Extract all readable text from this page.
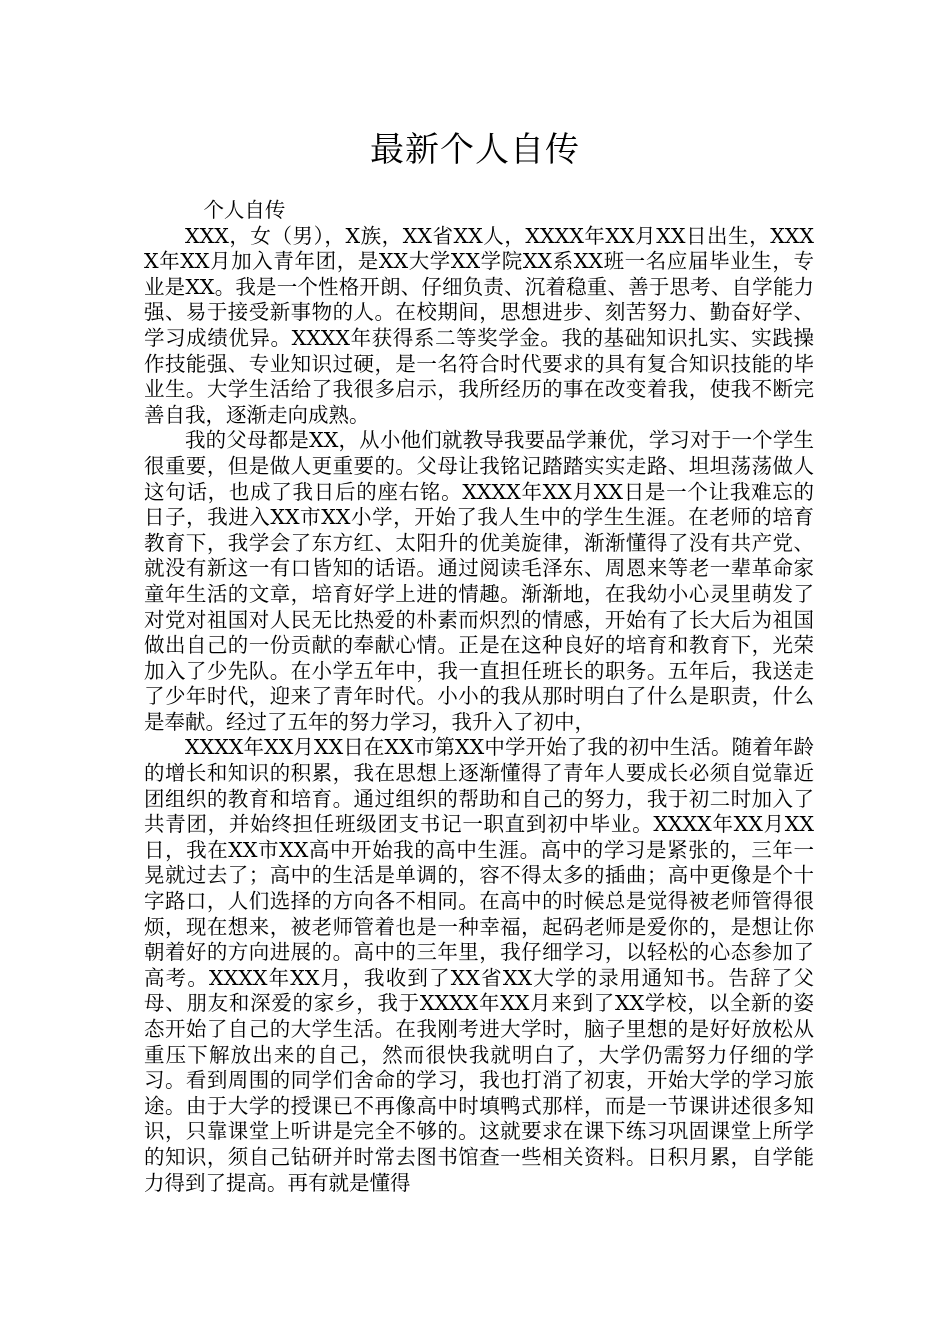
最新个人自传

个人自传

XXX，女（男），X族，XX省XX人，XXXX年XX月XX日出生，XXXX年XX月加入青年团，是XX大学XX学院XX系XX班一名应届毕业生，专业是XX。我是一个性格开朗、仔细负责、沉着稳重、善于思考、自学能力强、易于接受新事物的人。在校期间，思想进步、刻苦努力、勤奋好学、学习成绩优异。XXXX年获得系二等奖学金。我的基础知识扎实、实践操作技能强、专业知识过硬，是一名符合时代要求的具有复合知识技能的毕业生。大学生活给了我很多启示，我所经历的事在改变着我，使我不断完善自我，逐渐走向成熟。

我的父母都是XX，从小他们就教导我要品学兼优，学习对于一个学生很重要，但是做人更重要的。父母让我铭记踏踏实实走路、坦坦荡荡做人这句话，也成了我日后的座右铭。XXXX年XX月XX日是一个让我难忘的日子，我进入XX市XX小学，开始了我人生中的学生生涯。在老师的培育教育下，我学会了东方红、太阳升的优美旋律，渐渐懂得了没有共产党、就没有新这一有口皆知的话语。通过阅读毛泽东、周恩来等老一辈革命家童年生活的文章，培育好学上进的情趣。渐渐地，在我幼小心灵里萌发了对党对祖国对人民无比热爱的朴素而炽烈的情感，开始有了长大后为祖国做出自己的一份贡献的奉献心情。正是在这种良好的培育和教育下，光荣加入了少先队。在小学五年中，我一直担任班长的职务。五年后，我送走了少年时代，迎来了青年时代。小小的我从那时明白了什么是职责，什么是奉献。经过了五年的努力学习，我升入了初中，

XXXX年XX月XX日在XX市第XX中学开始了我的初中生活。随着年龄的增长和知识的积累，我在思想上逐渐懂得了青年人要成长必须自觉靠近团组织的教育和培育。通过组织的帮助和自己的努力，我于初二时加入了共青团，并始终担任班级团支书记一职直到初中毕业。XXXX年XX月XX日，我在XX市XX高中开始我的高中生涯。高中的学习是紧张的，三年一晃就过去了；高中的生活是单调的，容不得太多的插曲；高中更像是个十字路口，人们选择的方向各不相同。在高中的时候总是觉得被老师管得很烦，现在想来，被老师管着也是一种幸福，起码老师是爱你的，是想让你朝着好的方向进展的。高中的三年里，我仔细学习，以轻松的心态参加了高考。XXXX年XX月，我收到了XX省XX大学的录用通知书。告辞了父母、朋友和深爱的家乡，我于XXXX年XX月来到了XX学校，以全新的姿态开始了自己的大学生活。在我刚考进大学时，脑子里想的是好好放松从重压下解放出来的自己，然而很快我就明白了，大学仍需努力仔细的学习。看到周围的同学们舍命的学习，我也打消了初衷，开始大学的学习旅途。由于大学的授课已不再像高中时填鸭式那样，而是一节课讲述很多知识，只靠课堂上听讲是完全不够的。这就要求在课下练习巩固课堂上所学的知识，须自己钻研并时常去图书馆查一些相关资料。日积月累，自学能力得到了提高。再有就是懂得
